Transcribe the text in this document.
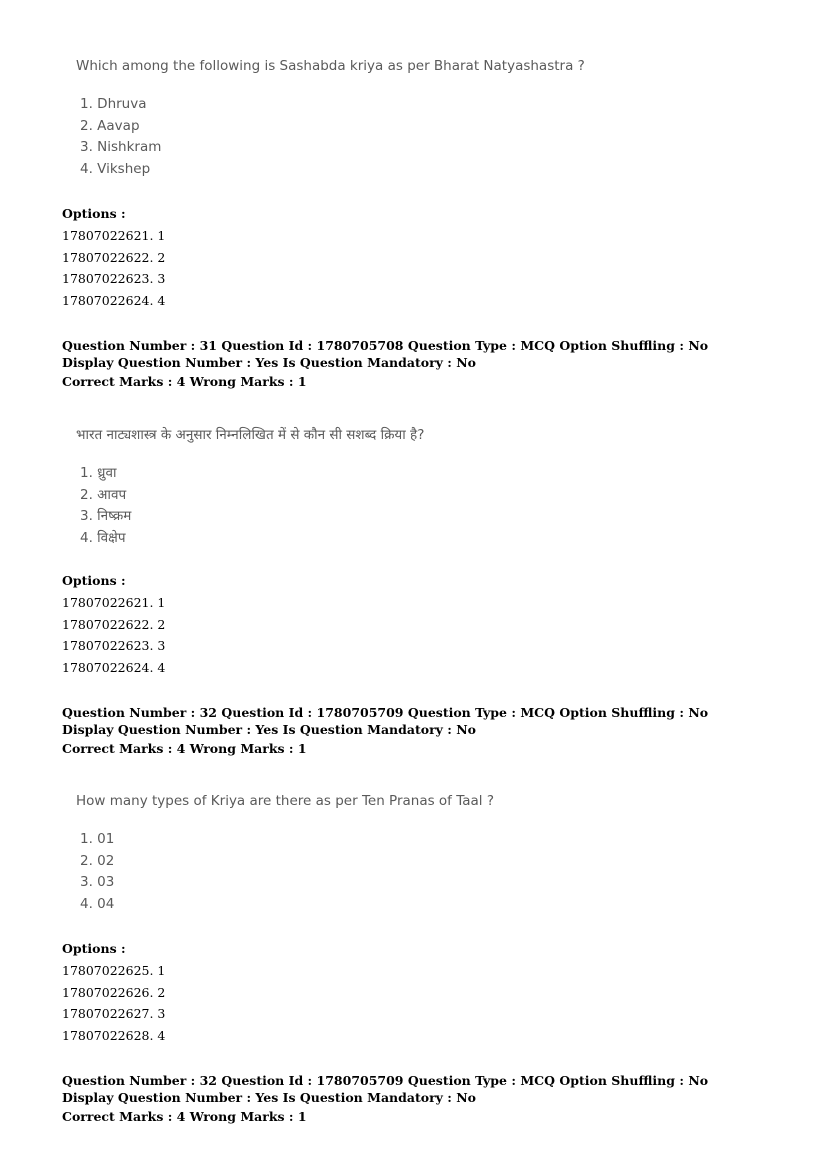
Which among the following is Sashabda kriya as per Bharat Natyashastra ?

1. Dhruva
2. Aavap
3. Nishkram
4. Vikshep
Options :
17807022621. 1
17807022622. 2
17807022623. 3
17807022624. 4

Question Number : 31 Question Id : 1780705708 Question Type : MCQ Option Shuffling : No Display Question Number : Yes Is Question Mandatory : No

Correct Marks : 4 Wrong Marks : 1

भारत नाट्यशास्त्र के अनुसार निम्नलिखित में से कौन सी सशब्द क्रिया है?

1. ध्रुवा
2. आवप
3. निष्क्रम
4. विक्षेप
Options :
17807022621. 1
17807022622. 2
17807022623. 3
17807022624. 4

Question Number : 32 Question Id : 1780705709 Question Type : MCQ Option Shuffling : No Display Question Number : Yes Is Question Mandatory : No

Correct Marks : 4 Wrong Marks : 1

How many types of Kriya are there as per Ten Pranas of Taal ?

1. 01
2. 02
3. 03
4. 04
Options :
17807022625. 1
17807022626. 2
17807022627. 3
17807022628. 4

Question Number : 32 Question Id : 1780705709 Question Type : MCQ Option Shuffling : No Display Question Number : Yes Is Question Mandatory : No

Correct Marks : 4 Wrong Marks : 1
